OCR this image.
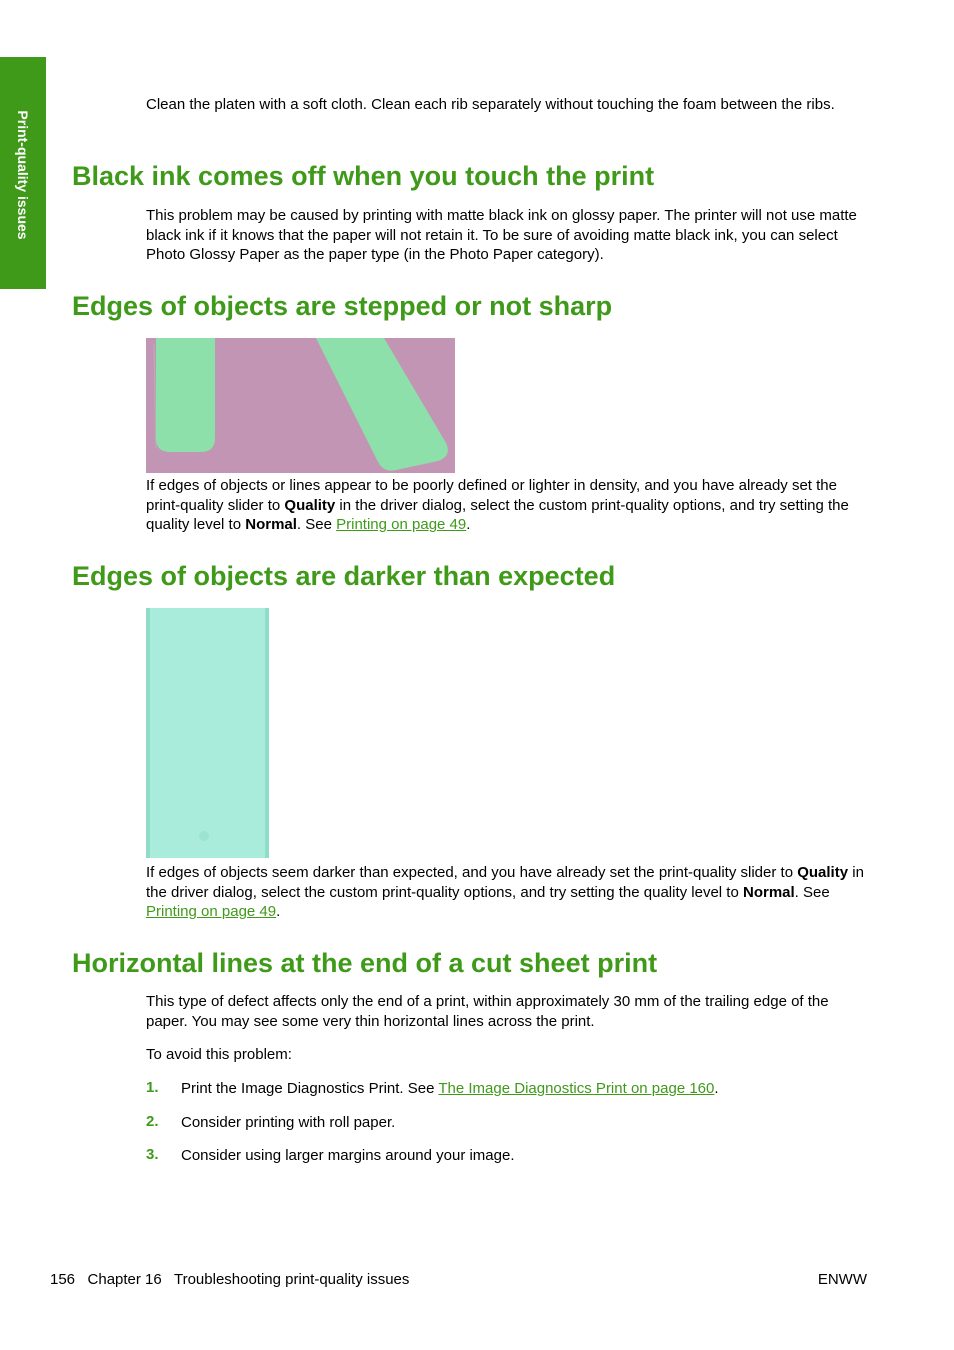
Print-quality issues
Clean the platen with a soft cloth. Clean each rib separately without touching the foam between the ribs.
Black ink comes off when you touch the print
This problem may be caused by printing with matte black ink on glossy paper. The printer will not use matte black ink if it knows that the paper will not retain it. To be sure of avoiding matte black ink, you can select Photo Glossy Paper as the paper type (in the Photo Paper category).
Edges of objects are stepped or not sharp
If edges of objects or lines appear to be poorly defined or lighter in density, and you have already set the print-quality slider to Quality in the driver dialog, select the custom print-quality options, and try setting the quality level to Normal. See Printing on page 49.
Edges of objects are darker than expected
If edges of objects seem darker than expected, and you have already set the print-quality slider to Quality in the driver dialog, select the custom print-quality options, and try setting the quality level to Normal. See Printing on page 49.
Horizontal lines at the end of a cut sheet print
This type of defect affects only the end of a print, within approximately 30 mm of the trailing edge of the paper. You may see some very thin horizontal lines across the print.
To avoid this problem:
1. Print the Image Diagnostics Print. See The Image Diagnostics Print on page 160.
2. Consider printing with roll paper.
3. Consider using larger margins around your image.
156   Chapter 16   Troubleshooting print-quality issues	ENWW
